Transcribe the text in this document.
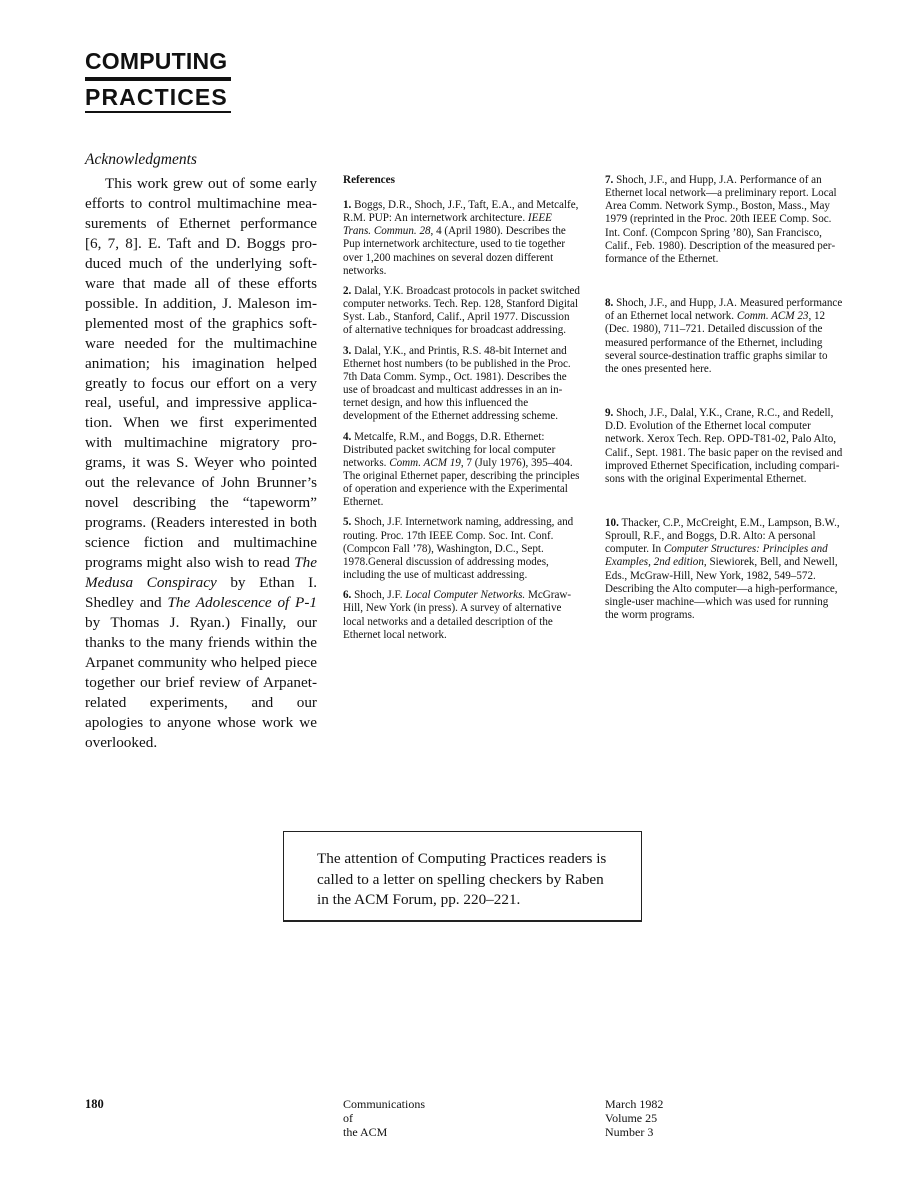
COMPUTING
PRACTICES
Acknowledgments

This work grew out of some early efforts to control multimachine measurements of Ethernet performance [6, 7, 8]. E. Taft and D. Boggs produced much of the underlying software that made all of these efforts possible. In addition, J. Maleson implemented most of the graphics software needed for the multimachine animation; his imagination helped greatly to focus our effort on a very real, useful, and impressive application. When we first experimented with multimachine migratory programs, it was S. Weyer who pointed out the relevance of John Brunner’s novel describing the “tapeworm” programs. (Readers interested in both science fiction and multimachine programs might also wish to read The Medusa Conspiracy by Ethan I. Shedley and The Adolescence of P-1 by Thomas J. Ryan.) Finally, our thanks to the many friends within the Arpanet community who helped piece together our brief review of Arpanet-related experiments, and our apologies to anyone whose work we overlooked.

References

1. Boggs, D.R., Shoch, J.F., Taft, E.A., and Metcalfe, R.M. PUP: An internetwork architecture. IEEE Trans. Commun. 28, 4 (April 1980). Describes the Pup internetwork architecture, used to tie together over 1,200 machines on several dozen different networks.
2. Dalal, Y.K. Broadcast protocols in packet switched computer networks. Tech. Rep. 128, Stanford Digital Syst. Lab., Stanford, Calif., April 1977. Discussion of alternative techniques for broadcast addressing.
3. Dalal, Y.K., and Printis, R.S. 48-bit Internet and Ethernet host numbers (to be published in the Proc. 7th Data Comm. Symp., Oct. 1981). Describes the use of broadcast and multicast addresses in an internet design, and how this influenced the development of the Ethernet addressing scheme.
4. Metcalfe, R.M., and Boggs, D.R. Ethernet: Distributed packet switching for local computer networks. Comm. ACM 19, 7 (July 1976), 395–404. The original Ethernet paper, describing the principles of operation and experience with the Experimental Ethernet.
5. Shoch, J.F. Internetwork naming, addressing, and routing. Proc. 17th IEEE Comp. Soc. Int. Conf. (Compcon Fall ’78), Washington, D.C., Sept. 1978.General discussion of addressing modes, including the use of multicast addressing.
6. Shoch, J.F. Local Computer Networks. McGraw-Hill, New York (in press). A survey of alternative local networks and a detailed description of the Ethernet local network.
7. Shoch, J.F., and Hupp, J.A. Performance of an Ethernet local network—a preliminary report. Local Area Comm. Network Symp., Boston, Mass., May 1979 (reprinted in the Proc. 20th IEEE Comp. Soc. Int. Conf. (Compcon Spring ’80), San Francisco, Calif., Feb. 1980). Description of the measured performance of the Ethernet.
8. Shoch, J.F., and Hupp, J.A. Measured performance of an Ethernet local network. Comm. ACM 23, 12 (Dec. 1980), 711–721. Detailed discussion of the measured performance of the Ethernet, including several source-destination traffic graphs similar to the ones presented here.
9. Shoch, J.F., Dalal, Y.K., Crane, R.C., and Redell, D.D. Evolution of the Ethernet local computer network. Xerox Tech. Rep. OPD-T81-02, Palo Alto, Calif., Sept. 1981. The basic paper on the revised and improved Ethernet Specification, including comparisons with the original Experimental Ethernet.
10. Thacker, C.P., McCreight, E.M., Lampson, B.W., Sproull, R.F., and Boggs, D.R. Alto: A personal computer. In Computer Structures: Principles and Examples, 2nd edition, Siewiorek, Bell, and Newell, Eds., McGraw-Hill, New York, 1982, 549–572. Describing the Alto computer—a high-performance, single-user machine—which was used for running the worm programs.
The attention of Computing Practices readers is called to a letter on spelling checkers by Raben in the ACM Forum, pp. 220–221.
180	Communications
of
the ACM
March 1982
Volume 25
Number 3
